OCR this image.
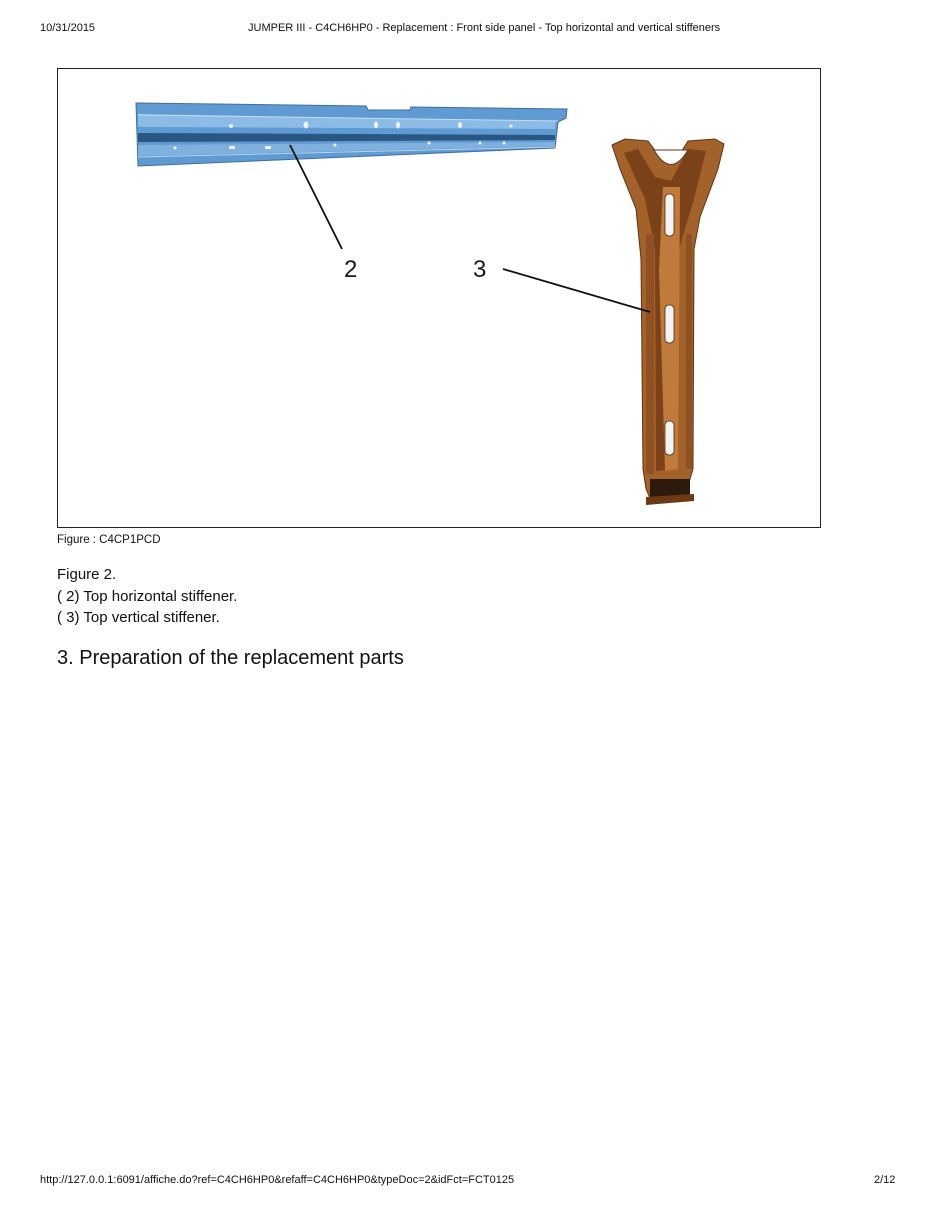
10/31/2015	JUMPER III - C4CH6HP0 - Replacement : Front side panel - Top horizontal and vertical stiffeners
2	3
Figure : C4CP1PCD
Figure 2.
( 2) Top horizontal stiffener.
( 3) Top vertical stiffener.
3. Preparation of the replacement parts
http://127.0.0.1:6091/affiche.do?ref=C4CH6HP0&refaff=C4CH6HP0&typeDoc=2&idFct=FCT0125	2/12
